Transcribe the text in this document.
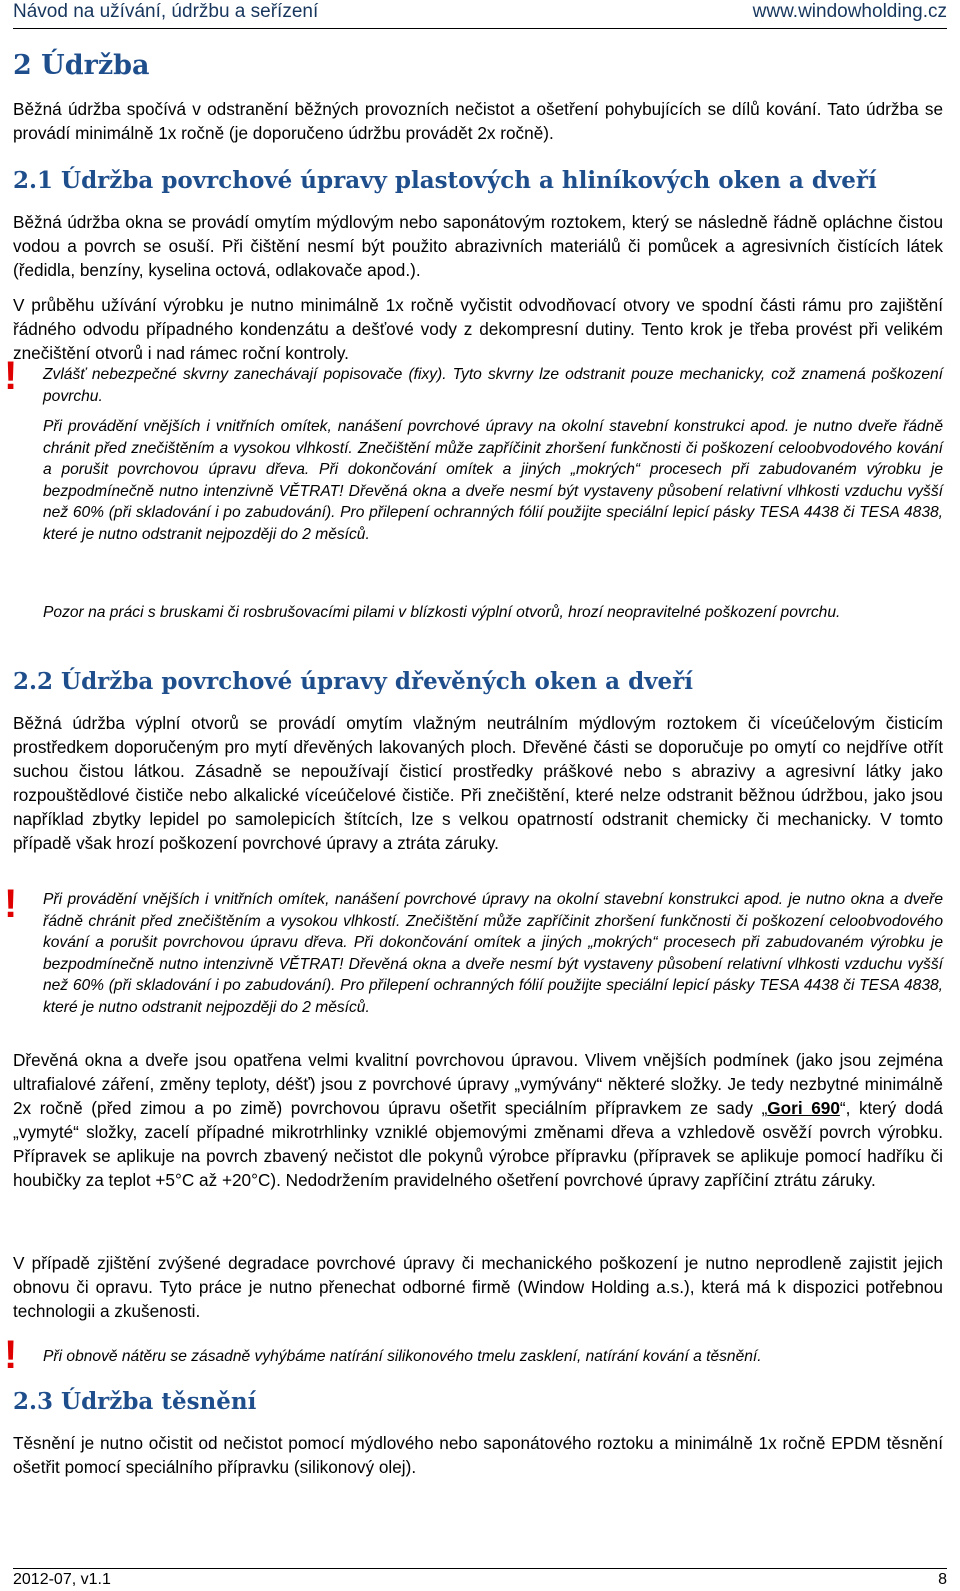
Návod na užívání, údržbu a seřízení	www.windowholding.cz
2 Údržba

Běžná údržba spočívá v odstranění běžných provozních nečistot a ošetření pohybujících se dílů kování. Tato údržba se provádí minimálně 1x ročně (je doporučeno údržbu provádět 2x ročně).

2.1 Údržba povrchové úpravy plastových a hliníkových oken a dveří

Běžná údržba okna se provádí omytím mýdlovým nebo saponátovým roztokem, který se následně řádně opláchne čistou vodou a povrch se osuší. Při čištění nesmí být použito abrazivních materiálů či pomůcek a agresivních čistících látek (ředidla, benzíny, kyselina octová, odlakovače apod.).

V průběhu užívání výrobku je nutno minimálně 1x ročně vyčistit odvodňovací otvory ve spodní části rámu pro zajištění řádného odvodu případného kondenzátu a dešťové vody z dekompresní dutiny. Tento krok je třeba provést při velikém znečištění otvorů i nad rámec roční kontroly.

! Zvlášť nebezpečné skvrny zanechávají popisovače (fixy). Tyto skvrny lze odstranit pouze mechanicky, což znamená poškození povrchu.

Při provádění vnějších i vnitřních omítek, nanášení povrchové úpravy na okolní stavební konstrukci apod. je nutno dveře řádně chránit před znečištěním a vysokou vlhkostí. Znečištění může zapříčinit zhoršení funkčnosti či poškození celoobvodového kování a porušit povrchovou úpravu dřeva. Při dokončování omítek a jiných „mokrých“ procesech při zabudovaném výrobku je bezpodmínečně nutno intenzivně VĚTRAT! Dřevěná okna a dveře nesmí být vystaveny působení relativní vlhkosti vzduchu vyšší než 60% (při skladování i po zabudování). Pro přilepení ochranných fólií použijte speciální lepicí pásky TESA 4438 či TESA 4838, které je nutno odstranit nejpozději do 2 měsíců.

Pozor na práci s bruskami či rosbrušovacími pilami v blízkosti výplní otvorů, hrozí neopravitelné poškození povrchu.

2.2 Údržba povrchové úpravy dřevěných oken a dveří

Běžná údržba výplní otvorů se provádí omytím vlažným neutrálním mýdlovým roztokem či víceúčelovým čisticím prostředkem doporučeným pro mytí dřevěných lakovaných ploch. Dřevěné části se doporučuje po omytí co nejdříve otřít suchou čistou látkou. Zásadně se nepoužívají čisticí prostředky práškové nebo s abrazivy a agresivní látky jako rozpouštědlové čističe nebo alkalické víceúčelové čističe. Při znečištění, které nelze odstranit běžnou údržbou, jako jsou například zbytky lepidel po samolepicích štítcích, lze s velkou opatrností odstranit chemicky či mechanicky. V tomto případě však hrozí poškození povrchové úpravy a ztráta záruky.

! Při provádění vnějších i vnitřních omítek, nanášení povrchové úpravy na okolní stavební konstrukci apod. je nutno okna a dveře řádně chránit před znečištěním a vysokou vlhkostí. Znečištění může zapříčinit zhoršení funkčnosti či poškození celoobvodového kování a porušit povrchovou úpravu dřeva. Při dokončování omítek a jiných „mokrých“ procesech při zabudovaném výrobku je bezpodmínečně nutno intenzivně VĚTRAT! Dřevěná okna a dveře nesmí být vystaveny působení relativní vlhkosti vzduchu vyšší než 60% (při skladování i po zabudování). Pro přilepení ochranných fólií použijte speciální lepicí pásky TESA 4438 či TESA 4838, které je nutno odstranit nejpozději do 2 měsíců.

Dřevěná okna a dveře jsou opatřena velmi kvalitní povrchovou úpravou. Vlivem vnějších podmínek (jako jsou zejména ultrafialové záření, změny teploty, déšť) jsou z povrchové úpravy „vymývány“ některé složky. Je tedy nezbytné minimálně 2x ročně (před zimou a po zimě) povrchovou úpravu ošetřit speciálním přípravkem ze sady „Gori 690“, který dodá „vymyté“ složky, zacelí případné mikrotrhlinky vzniklé objemovými změnami dřeva a vzhledově osvěží povrch výrobku. Přípravek se aplikuje na povrch zbavený nečistot dle pokynů výrobce přípravku (přípravek se aplikuje pomocí hadříku či houbičky za teplot +5°C až +20°C). Nedodržením pravidelného ošetření povrchové úpravy zapříčiní ztrátu záruky.

V případě zjištění zvýšené degradace povrchové úpravy či mechanického poškození je nutno neprodleně zajistit jejich obnovu či opravu. Tyto práce je nutno přenechat odborné firmě (Window Holding a.s.), která má k dispozici potřebnou technologii a zkušenosti.

! Při obnově nátěru se zásadně vyhýbáme natírání silikonového tmelu zasklení, natírání kování a těsnění.

2.3 Údržba těsnění

Těsnění je nutno očistit od nečistot pomocí mýdlového nebo saponátového roztoku a minimálně 1x ročně EPDM těsnění ošetřit pomocí speciálního přípravku (silikonový olej).

2012-07, v1.1	8
